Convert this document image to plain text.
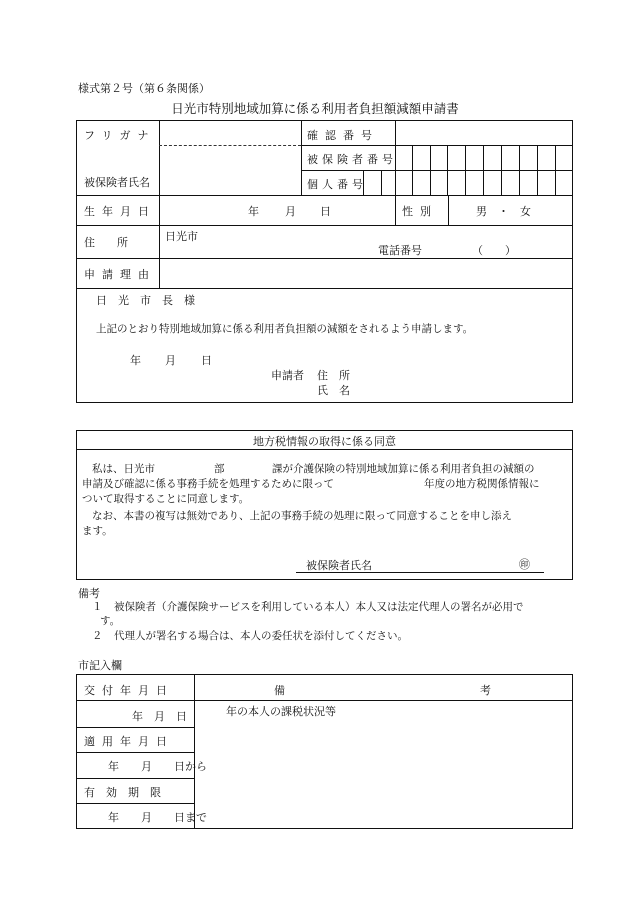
様式第２号（第６条関係）
日光市特別地域加算に係る利用者負担額減額申請書
フリガナ
被保険者氏名
確認番号
被保険者番号
個人番号
生年月日	年 月 日	性別	男　・　女
住　　所	日光市
電話番号	（　　）
申請理由
日　光　市　長　様
上記のとおり特別地域加算に係る利用者負担額の減額をされるよう申請します。
年 月 日
申請者 住　所
氏　名
地方税情報の取得に係る同意
私は、日光市	部	課が介護保険の特別地域加算に係る利用者負担の減額の
申請及び確認に係る事務手続を処理するために限って	年度の地方税関係情報に
ついて取得することに同意します。
なお、本書の複写は無効であり、上記の事務手続の処理に限って同意することを申し添え
ます。
被保険者氏名	㊞
備考
１ 被保険者（介護保険サービスを利用している本人）本人又は法定代理人の署名が必用で
す。
２ 代理人が署名する場合は、本人の委任状を添付してください。
市記入欄
交付年月日	備	考
年　月　日	年の本人の課税状況等
適用年月日
年　　月　　日から
有　効　期　限
年　　月　　日まで
